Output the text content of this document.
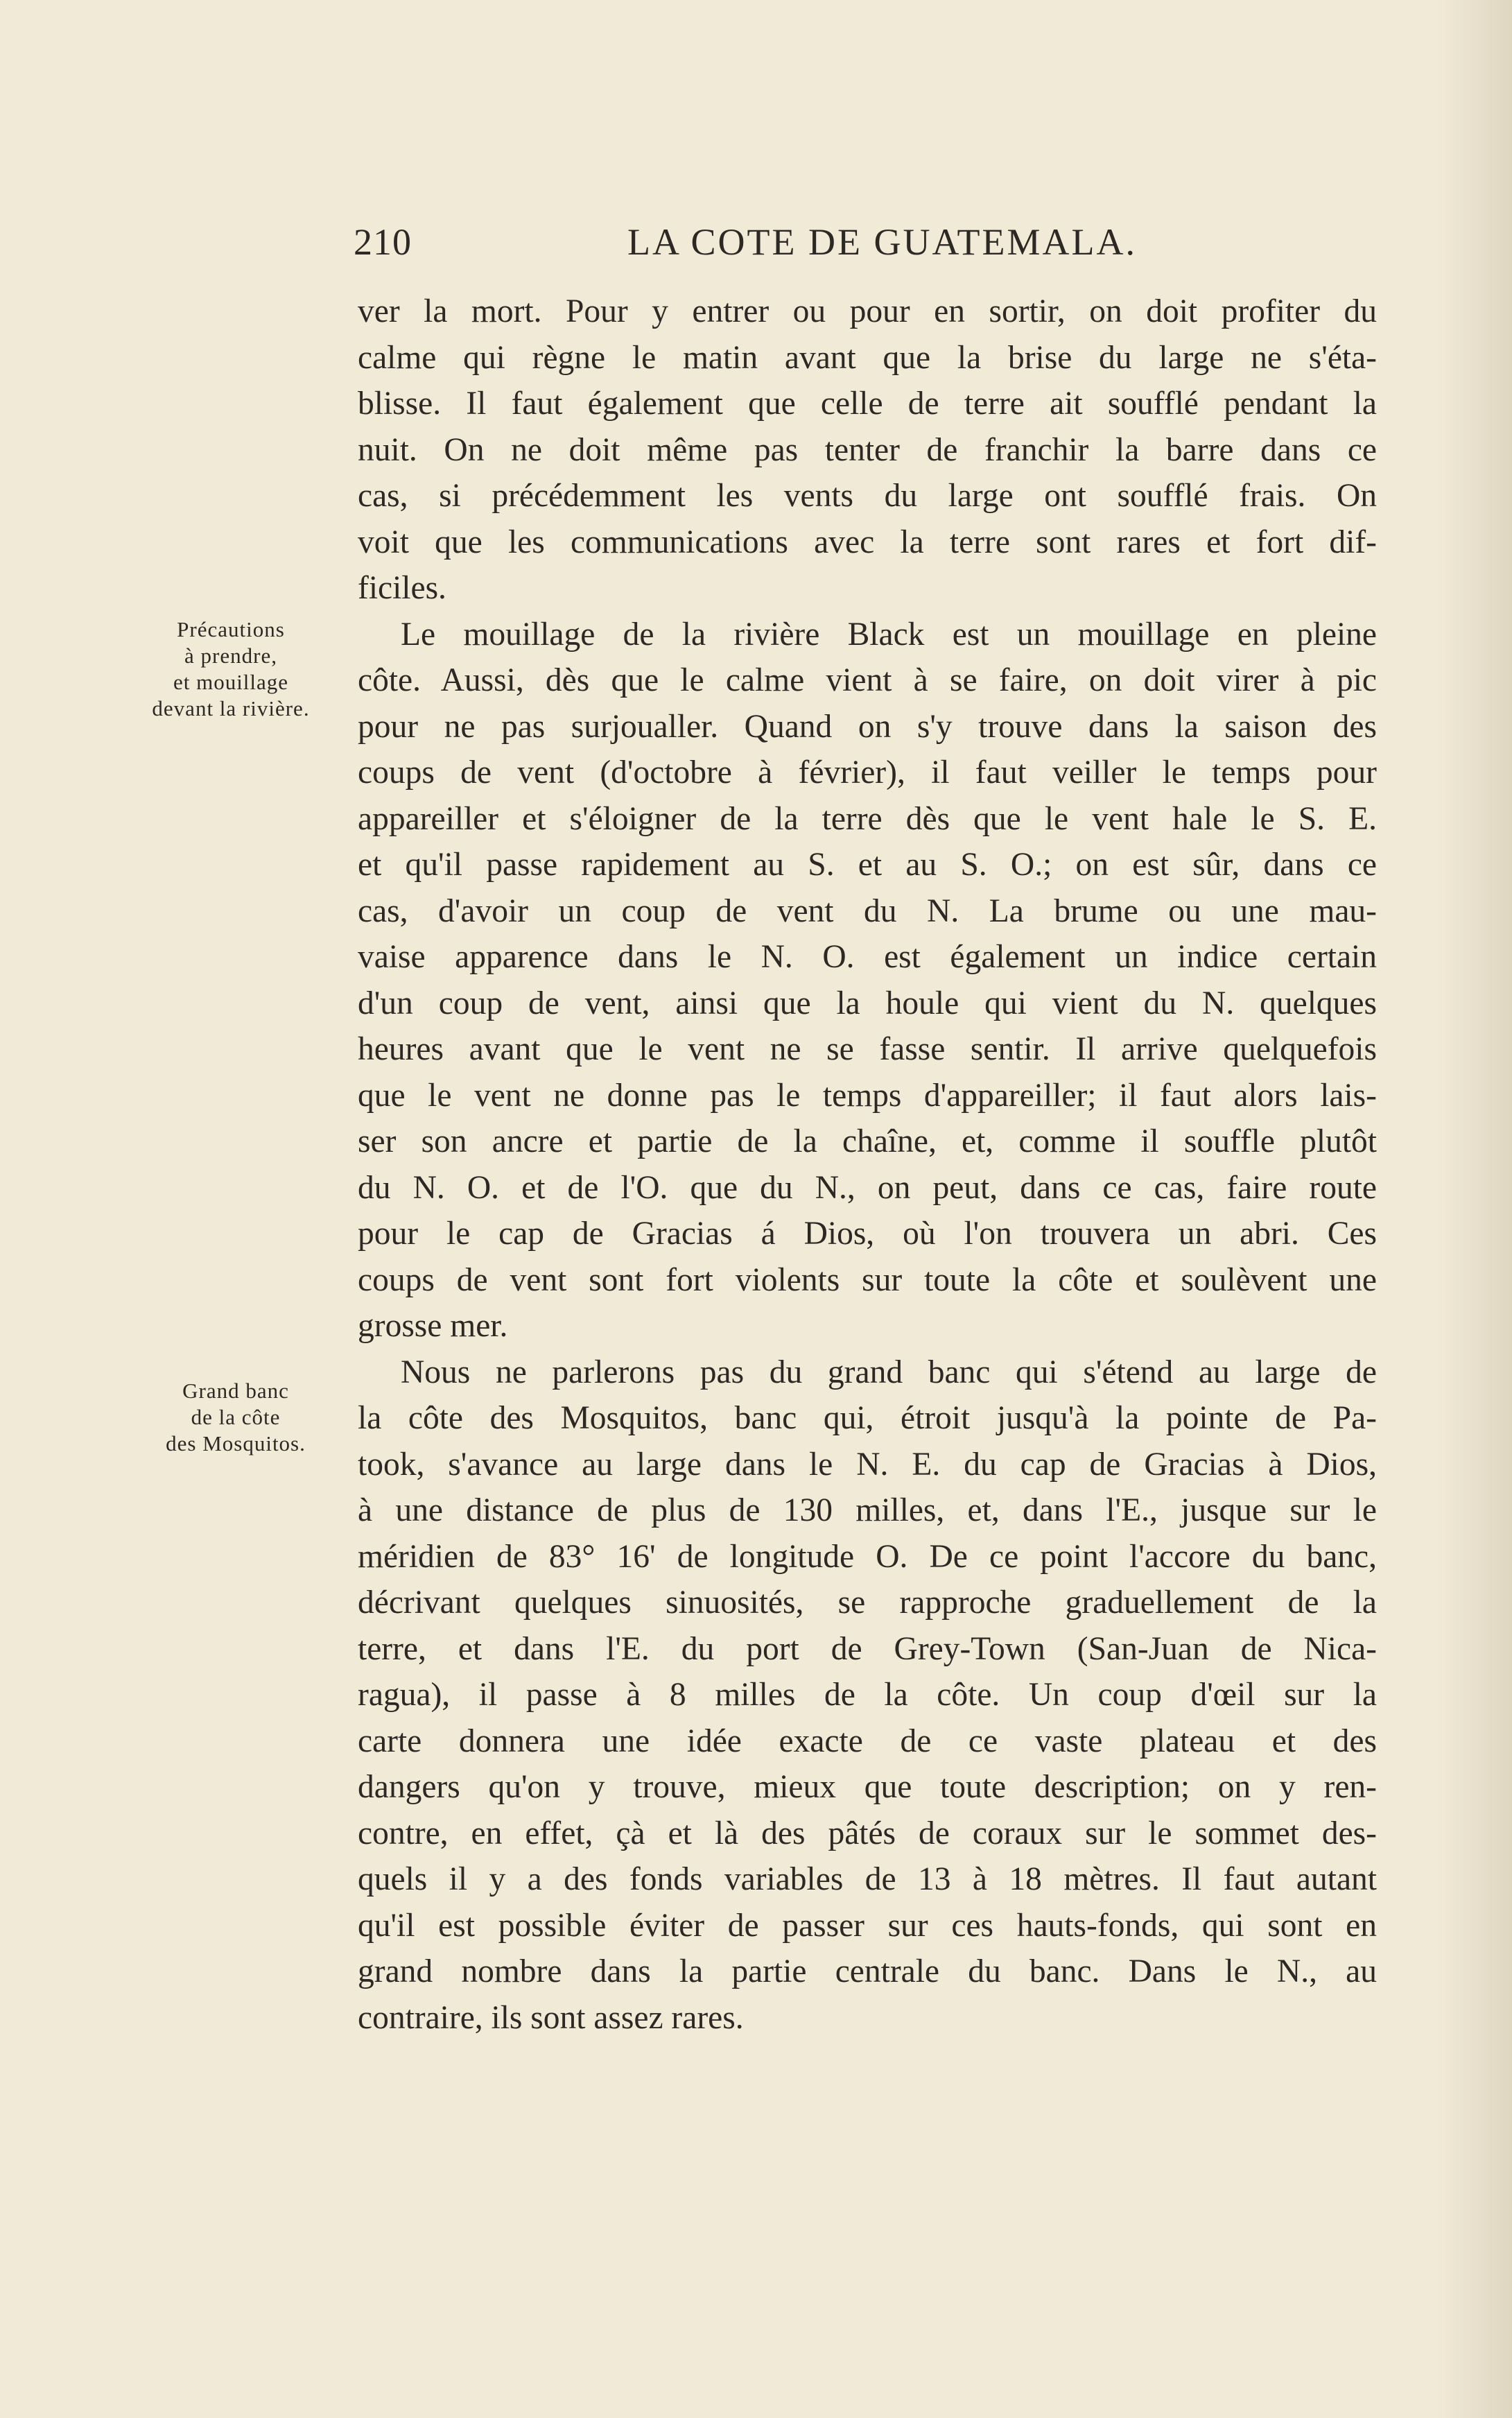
210	LA COTE DE GUATEMALA.
Précautions
à prendre,
et mouillage
devant la rivière.
Grand banc
de la côte
des Mosquitos.
ver la mort. Pour y entrer ou pour en sortir, on doit profiter du
calme qui règne le matin avant que la brise du large ne s'éta-
blisse. Il faut également que celle de terre ait soufflé pendant la
nuit. On ne doit même pas tenter de franchir la barre dans ce
cas, si précédemment les vents du large ont soufflé frais. On
voit que les communications avec la terre sont rares et fort dif-
ficiles.
Le mouillage de la rivière Black est un mouillage en pleine
côte. Aussi, dès que le calme vient à se faire, on doit virer à pic
pour ne pas surjoualler. Quand on s'y trouve dans la saison des
coups de vent (d'octobre à février), il faut veiller le temps pour
appareiller et s'éloigner de la terre dès que le vent hale le S. E.
et qu'il passe rapidement au S. et au S. O.; on est sûr, dans ce
cas, d'avoir un coup de vent du N. La brume ou une mau-
vaise apparence dans le N. O. est également un indice certain
d'un coup de vent, ainsi que la houle qui vient du N. quelques
heures avant que le vent ne se fasse sentir. Il arrive quelquefois
que le vent ne donne pas le temps d'appareiller; il faut alors lais-
ser son ancre et partie de la chaîne, et, comme il souffle plutôt
du N. O. et de l'O. que du N., on peut, dans ce cas, faire route
pour le cap de Gracias á Dios, où l'on trouvera un abri. Ces
coups de vent sont fort violents sur toute la côte et soulèvent une
grosse mer.
Nous ne parlerons pas du grand banc qui s'étend au large de
la côte des Mosquitos, banc qui, étroit jusqu'à la pointe de Pa-
took, s'avance au large dans le N. E. du cap de Gracias à Dios,
à une distance de plus de 130 milles, et, dans l'E., jusque sur le
méridien de 83° 16' de longitude O. De ce point l'accore du banc,
décrivant quelques sinuosités, se rapproche graduellement de la
terre, et dans l'E. du port de Grey-Town (San-Juan de Nica-
ragua), il passe à 8 milles de la côte. Un coup d'œil sur la
carte donnera une idée exacte de ce vaste plateau et des
dangers qu'on y trouve, mieux que toute description; on y ren-
contre, en effet, çà et là des pâtés de coraux sur le sommet des-
quels il y a des fonds variables de 13 à 18 mètres. Il faut autant
qu'il est possible éviter de passer sur ces hauts-fonds, qui sont en
grand nombre dans la partie centrale du banc. Dans le N., au
contraire, ils sont assez rares.
